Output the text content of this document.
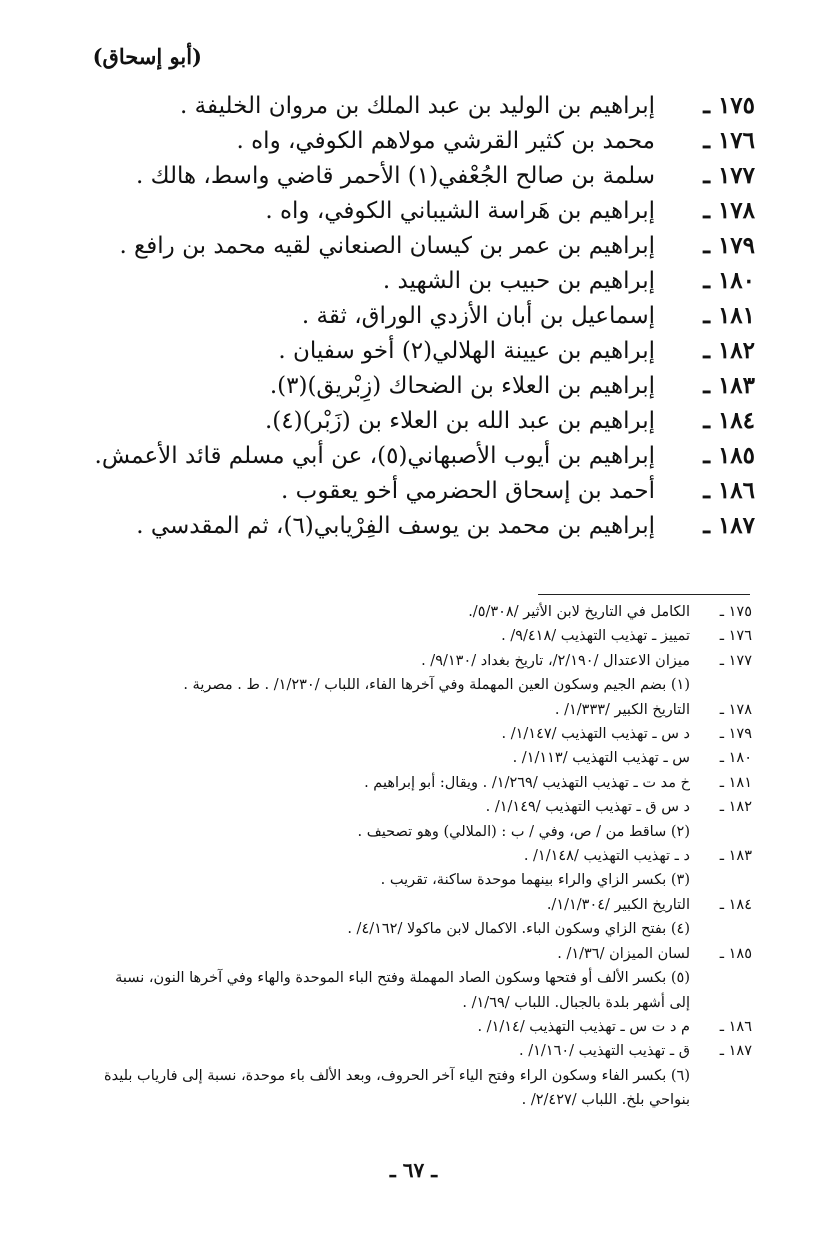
(أبو إسحاق)
١٧٥ ـإبراهيم بن الوليد بن عبد الملك بن مروان الخليفة .
١٧٦ ـمحمد بن كثير القرشي مولاهم الكوفي، واه .
١٧٧ ـسلمة بن صالح الجُعْفي(١) الأحمر قاضي واسط، هالك .
١٧٨ ـإبراهيم بن هَراسة الشيباني الكوفي، واه .
١٧٩ ـإبراهيم بن عمر بن كيسان الصنعاني لقيه محمد بن رافع .
١٨٠ ـإبراهيم بن حبيب بن الشهيد .
١٨١ ـإسماعيل بن أبان الأزدي الوراق، ثقة .
١٨٢ ـإبراهيم بن عيينة الهلالي(٢) أخو سفيان .
١٨٣ ـإبراهيم بن العلاء بن الضحاك (زِبْريق)(٣).
١٨٤ ـإبراهيم بن عبد الله بن العلاء بن (زَبْر)(٤).
١٨٥ ـإبراهيم بن أيوب الأصبهاني(٥)، عن أبي مسلم قائد الأعمش.
١٨٦ ـأحمد بن إسحاق الحضرمي أخو يعقوب .
١٨٧ ـإبراهيم بن محمد بن يوسف الفِرْيابي(٦)، ثم المقدسي .
١٧٥ ـالكامل في التاريخ لابن الأثير /٥/٣٠٨/.
١٧٦ ـتمييز ـ تهذيب التهذيب /٩/٤١٨/ .
١٧٧ ـميزان الاعتدال /٢/١٩٠/، تاريخ بغداد /٩/١٣٠/ .
(١) بضم الجيم وسكون العين المهملة وفي آخرها الفاء، اللباب /١/٢٣٠/ . ط . مصرية .
١٧٨ ـالتاريخ الكبير /١/٣٣٣/ .
١٧٩ ـد س ـ تهذيب التهذيب /١/١٤٧/ .
١٨٠ ـس ـ تهذيب التهذيب /١/١١٣/ .
١٨١ ـخ مد ت ـ تهذيب التهذيب /١/٢٦٩/ . ويقال: أبو إبراهيم .
١٨٢ ـد س ق ـ تهذيب التهذيب /١/١٤٩/ .
(٢) ساقط من / ص، وفي / ب : (الملالي) وهو تصحيف .
١٨٣ ـد ـ تهذيب التهذيب /١/١٤٨/ .
(٣) بكسر الزاي والراء بينهما موحدة ساكنة، تقريب .
١٨٤ ـالتاريخ الكبير /١/١/٣٠٤/.
(٤) بفتح الزاي وسكون الباء. الاكمال لابن ماكولا /٤/١٦٢/ .
١٨٥ ـلسان الميزان /١/٣٦/ .
(٥) بكسر الألف أو فتحها وسكون الصاد المهملة وفتح الباء الموحدة والهاء وفي آخرها النون، نسبة إلى أشهر بلدة بالجبال. اللباب /١/٦٩/ .
١٨٦ ـم د ت س ـ تهذيب التهذيب /١/١٤/ .
١٨٧ ـق ـ تهذيب التهذيب /١/١٦٠/ .
(٦) بكسر الفاء وسكون الراء وفتح الياء آخر الحروف، وبعد الألف باء موحدة، نسبة إلى فارياب بليدة بنواحي بلخ. اللباب /٢/٤٢٧/ .
ـ ٦٧ ـ
